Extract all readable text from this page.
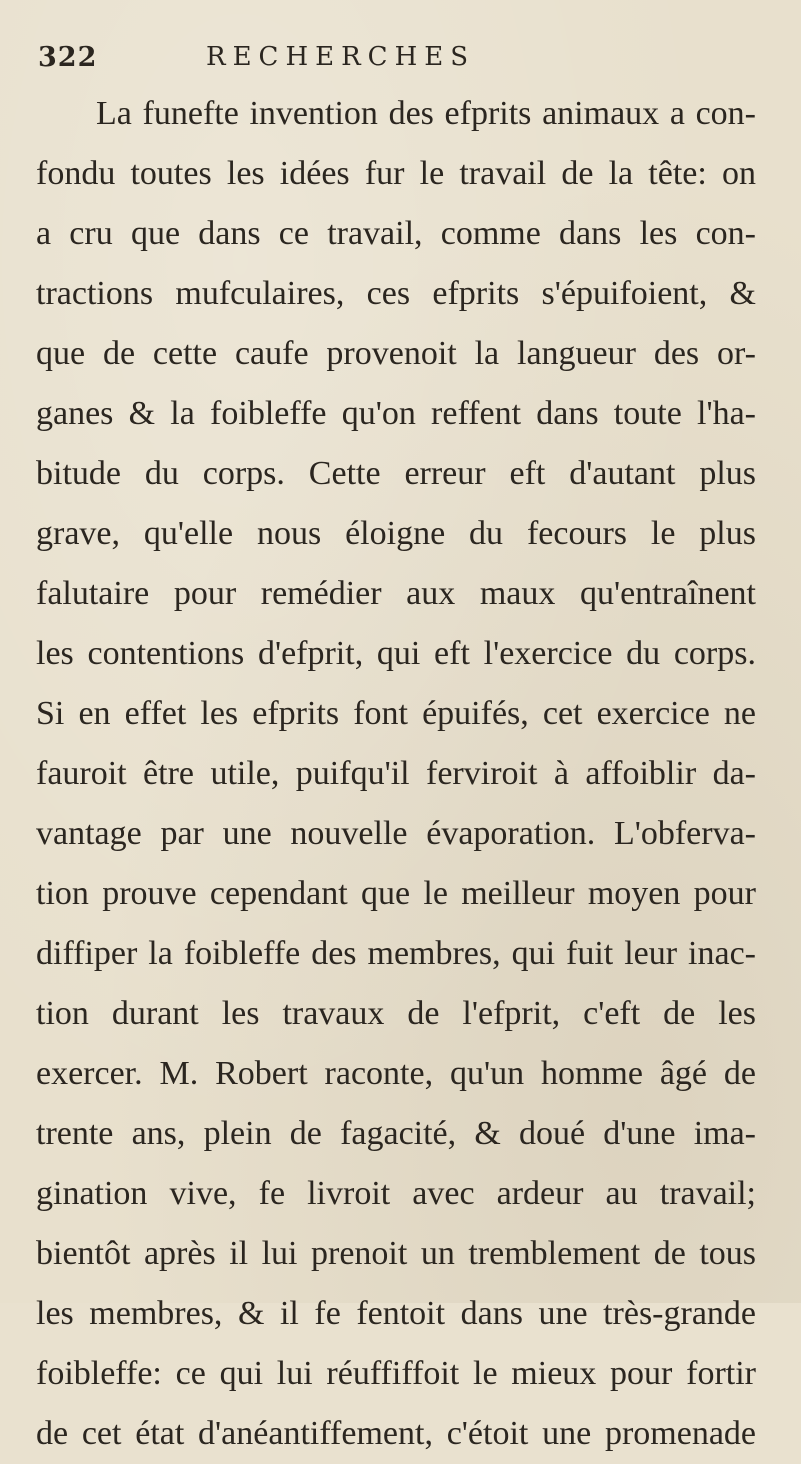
322	RECHERCHES

La funefte invention des efprits animaux a con-
fondu toutes les idées fur le travail de la tête: on
a cru que dans ce travail, comme dans les con-
tractions mufculaires, ces efprits s'épuifoient, &
que de cette caufe provenoit la langueur des or-
ganes & la foibleffe qu'on reffent dans toute l'ha-
bitude du corps. Cette erreur eft d'autant plus
grave, qu'elle nous éloigne du fecours le plus
falutaire pour remédier aux maux qu'entraînent
les contentions d'efprit, qui eft l'exercice du corps.
Si en effet les efprits font épuifés, cet exercice ne
fauroit être utile, puifqu'il ferviroit à affoiblir da-
vantage par une nouvelle évaporation. L'obferva-
tion prouve cependant que le meilleur moyen pour
diffiper la foibleffe des membres, qui fuit leur inac-
tion durant les travaux de l'efprit, c'eft de les
exercer. M. Robert raconte, qu'un homme âgé de
trente ans, plein de fagacité, & doué d'une ima-
gination vive, fe livroit avec ardeur au travail;
bientôt après il lui prenoit un tremblement de tous
les membres, & il fe fentoit dans une très-grande
foibleffe: ce qui lui réuffiffoit le mieux pour fortir
de cet état d'anéantiffement, c'étoit une promenade
